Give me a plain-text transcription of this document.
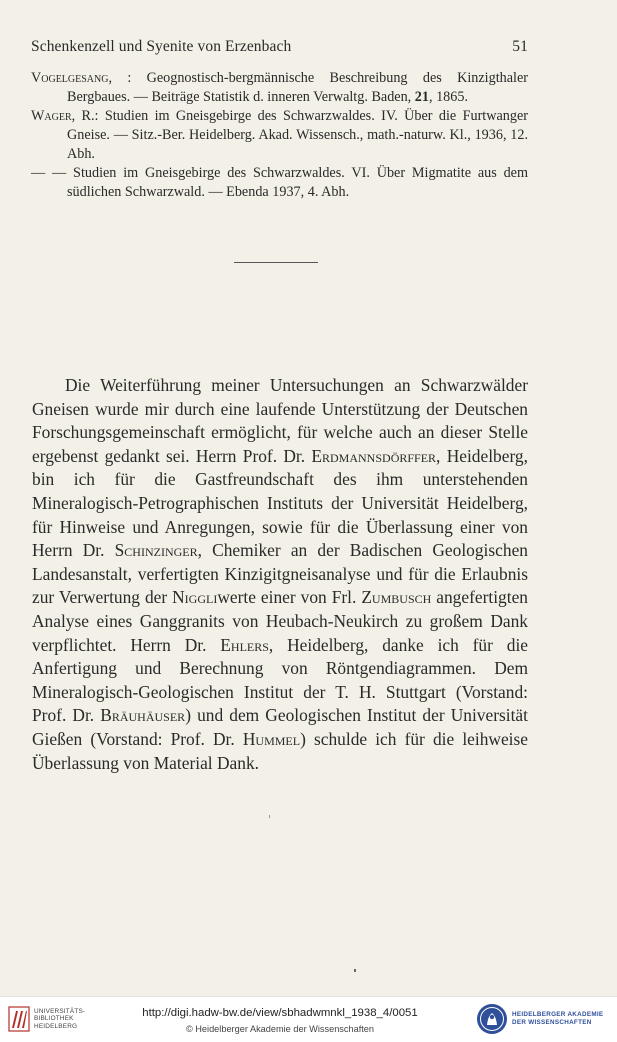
Schenkenzell und Syenite von Erzenbach	51

Vogelgesang, : Geognostisch-bergmännische Beschreibung des Kinzigthaler Bergbaues. — Beiträge Statistik d. inneren Verwaltg. Baden, 21, 1865.

Wager, R.: Studien im Gneisgebirge des Schwarzwaldes. IV. Über die Furtwanger Gneise. — Sitz.-Ber. Heidelberg. Akad. Wissensch., math.-naturw. Kl., 1936, 12. Abh.

— — Studien im Gneisgebirge des Schwarzwaldes. VI. Über Migmatite aus dem südlichen Schwarzwald. — Ebenda 1937, 4. Abh.

Die Weiterführung meiner Untersuchungen an Schwarzwälder Gneisen wurde mir durch eine laufende Unterstützung der Deutschen Forschungsgemeinschaft ermöglicht, für welche auch an dieser Stelle ergebenst gedankt sei. Herrn Prof. Dr. Erdmannsdörffer, Heidelberg, bin ich für die Gastfreundschaft des ihm unterstehenden Mineralogisch-Petrographischen Instituts der Universität Heidelberg, für Hinweise und Anregungen, sowie für die Überlassung einer von Herrn Dr. Schinzinger, Chemiker an der Badischen Geologischen Landesanstalt, verfertigten Kinzigitgneisanalyse und für die Erlaubnis zur Verwertung der Niggliwerte einer von Frl. Zumbusch angefertigten Analyse eines Ganggranits von Heubach-Neukirch zu großem Dank verpflichtet. Herrn Dr. Ehlers, Heidelberg, danke ich für die Anfertigung und Berechnung von Röntgendiagrammen. Dem Mineralogisch-Geologischen Institut der T. H. Stuttgart (Vorstand: Prof. Dr. Bräuhäuser) und dem Geologischen Institut der Universität Gießen (Vorstand: Prof. Dr. Hummel) schulde ich für die leihweise Überlassung von Material Dank.

UNIVERSITÄTS-
BIBLIOTHEK
HEIDELBERG
http://digi.hadw-bw.de/view/sbhadwmnkl_1938_4/0051
© Heidelberger Akademie der Wissenschaften
HEIDELBERGER AKADEMIE
DER WISSENSCHAFTEN
